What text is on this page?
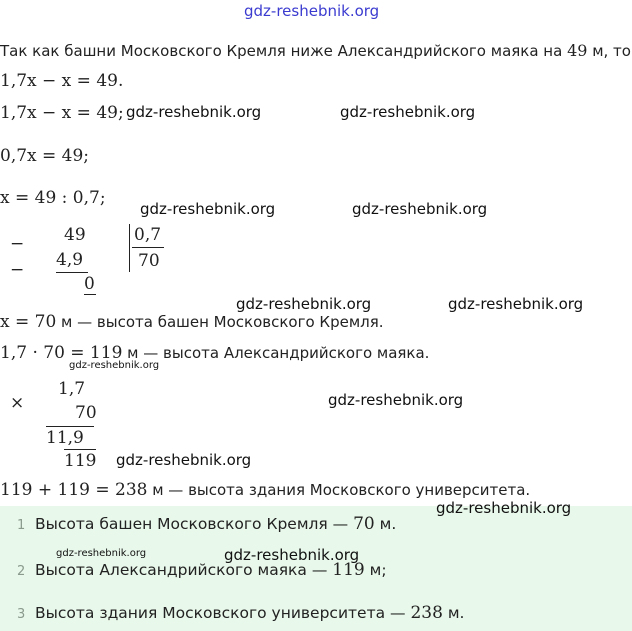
gdz-reshebnik.org
Так как башни Московского Кремля ниже Александрийского маяка на 49 м, то
1,7x − x = 49.
1,7x − x = 49; gdz-reshebnik.org	gdz-reshebnik.org
0,7x = 49;
x = 49 : 0,7;
gdz-reshebnik.org	gdz-reshebnik.org
− 49	0,7
70
− 4,9
0
gdz-reshebnik.org	gdz-reshebnik.org
x = 70 м — высота башен Московского Кремля.
1,7 · 70 = 119 м — высота Александрийского маяка.
gdz-reshebnik.org
×
1,7
70
11,9
119
gdz-reshebnik.org
gdz-reshebnik.org
119 + 119 = 238 м — высота здания Московского университета.
gdz-reshebnik.org
1 Высота башен Московского Кремля — 70 м.
gdz-reshebnik.org
2 Высота Александрийского маяка — 119 м;
gdz-reshebnik.org
3 Высота здания Московского университета — 238 м.
